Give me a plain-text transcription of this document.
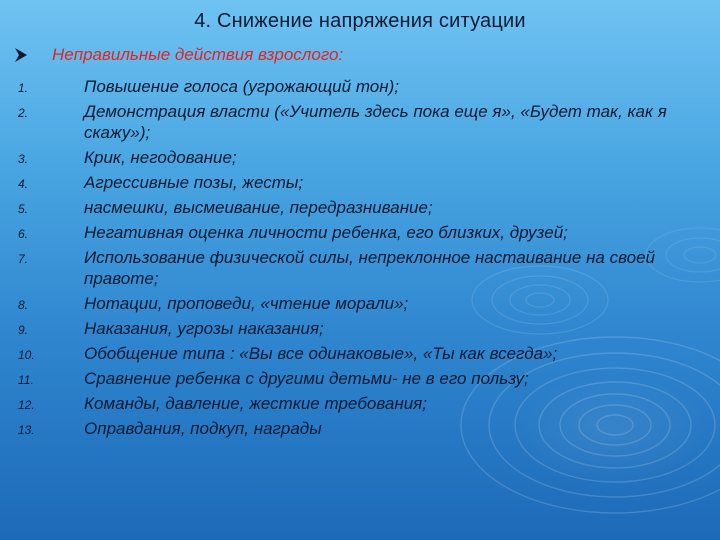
4. Снижение напряжения ситуации
Неправильные действия взрослого:
1.	Повышение голоса (угрожающий тон);
2.	Демонстрация власти («Учитель здесь пока еще я», «Будет так, как я скажу»);
3.	Крик, негодование;
4.	Агрессивные позы, жесты;
5.	насмешки, высмеивание, передразнивание;
6.	Негативная оценка личности ребенка, его близких, друзей;
7.	Использование физической силы, непреклонное настаивание на своей правоте;
8.	Нотации, проповеди, «чтение морали»;
9.	Наказания, угрозы наказания;
10.	Обобщение типа : «Вы все одинаковые», «Ты как всегда»;
11.	Сравнение ребенка с другими детьми- не в его пользу;
12.	Команды, давление, жесткие требования;
13.	Оправдания, подкуп, награды
